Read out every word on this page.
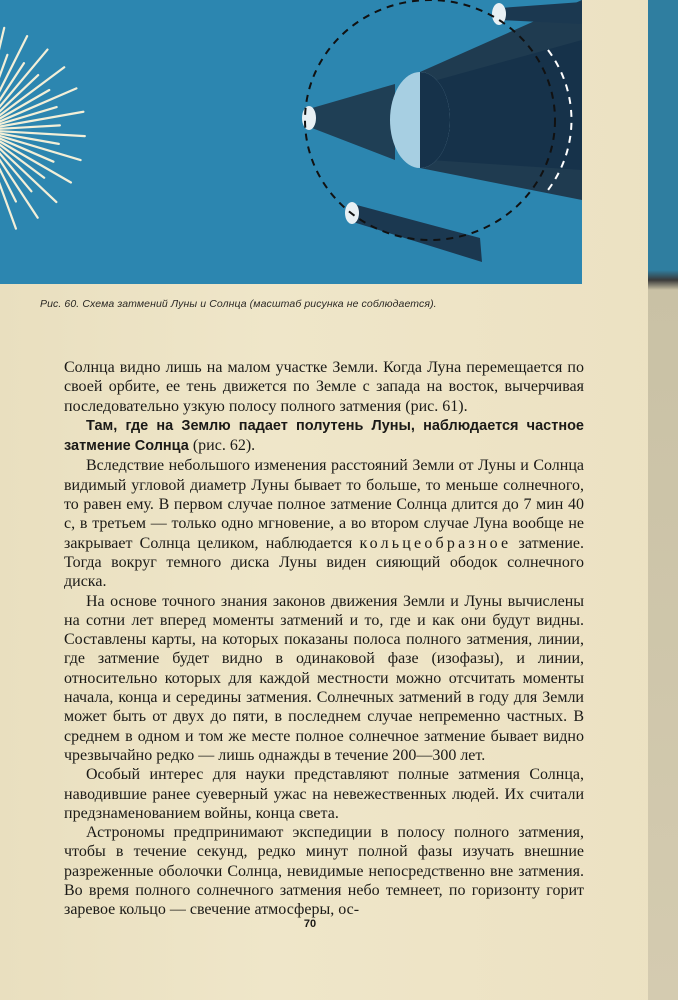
Рис. 60. Схема затмений Луны и Солнца (масштаб рисунка не соблюдается).

Солнца видно лишь на малом участке Земли. Когда Луна перемещается по своей орбите, ее тень движется по Земле с запада на восток, вычерчивая последовательно узкую полосу полного затмения (рис. 61).

Там, где на Землю падает полутень Луны, наблюдается частное затмение Солнца (рис. 62).

Вследствие небольшого изменения расстояний Земли от Луны и Солнца видимый угловой диаметр Луны бывает то больше, то меньше солнечного, то равен ему. В первом случае полное затмение Солнца длится до 7 мин 40 с, в третьем — только одно мгновение, а во втором случае Луна вообще не закрывает Солнца целиком, наблюдается кольцеобразное затмение. Тогда вокруг темного диска Луны виден сияющий ободок солнечного диска.

На основе точного знания законов движения Земли и Луны вычислены на сотни лет вперед моменты затмений и то, где и как они будут видны. Составлены карты, на которых показаны полоса полного затмения, линии, где затмение будет видно в одинаковой фазе (изофазы), и линии, относительно которых для каждой местности можно отсчитать моменты начала, конца и середины затмения. Солнечных затмений в году для Земли может быть от двух до пяти, в последнем случае непременно частных. В среднем в одном и том же месте полное солнечное затмение бывает видно чрезвычайно редко — лишь однажды в течение 200—300 лет.

Особый интерес для науки представляют полные затмения Солнца, наводившие ранее суеверный ужас на невежественных людей. Их считали предзнаменованием войны, конца света.

Астрономы предпринимают экспедиции в полосу полного затмения, чтобы в течение секунд, редко минут полной фазы изучать внешние разреженные оболочки Солнца, невидимые непосредственно вне затмения. Во время полного солнечного затмения небо темнеет, по горизонту горит заревое кольцо — свечение атмосферы, ос-

70
